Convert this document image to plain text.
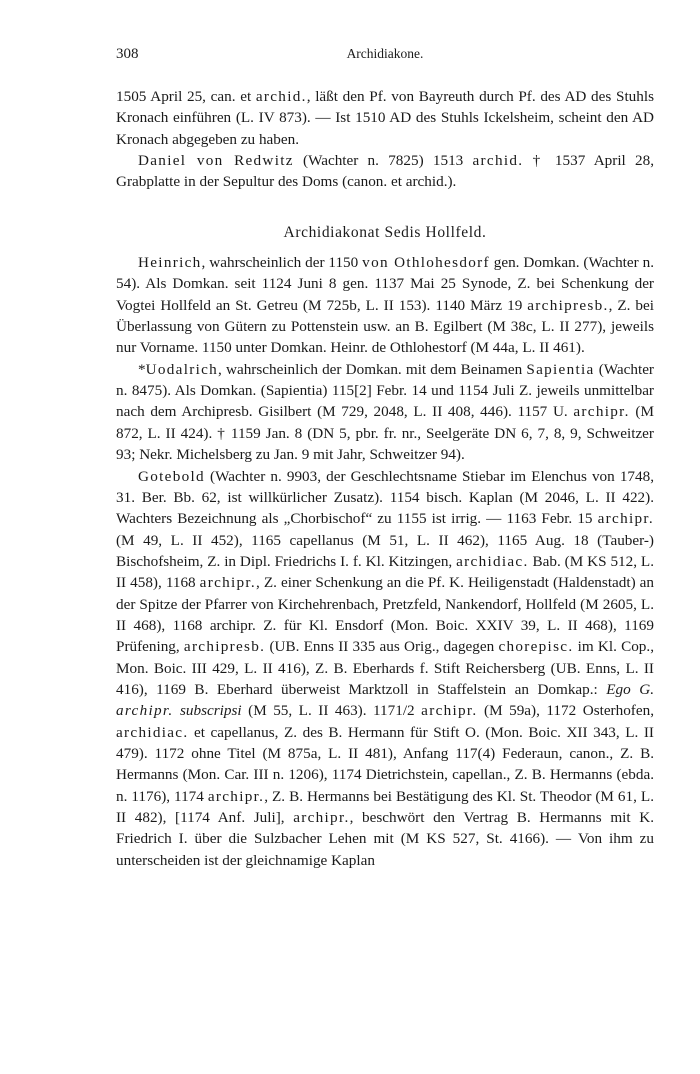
308	Archidiakone.

1505 April 25, can. et archid., läßt den Pf. von Bayreuth durch Pf. des AD des Stuhls Kronach einführen (L. IV 873). — Ist 1510 AD des Stuhls Ickelsheim, scheint den AD Kronach abgegeben zu haben.

Daniel von Redwitz (Wachter n. 7825) 1513 archid. † 1537 April 28, Grabplatte in der Sepultur des Doms (canon. et archid.).

Archidiakonat Sedis Hollfeld.

Heinrich, wahrscheinlich der 1150 von Othlohesdorf gen. Domkan. (Wachter n. 54). Als Domkan. seit 1124 Juni 8 gen. 1137 Mai 25 Synode, Z. bei Schenkung der Vogtei Hollfeld an St. Getreu (M 725b, L. II 153). 1140 März 19 archipresb., Z. bei Überlassung von Gütern zu Pottenstein usw. an B. Egilbert (M 38c, L. II 277), jeweils nur Vorname. 1150 unter Domkan. Heinr. de Othlohestorf (M 44a, L. II 461).

*Uodalrich, wahrscheinlich der Domkan. mit dem Beinamen Sapientia (Wachter n. 8475). Als Domkan. (Sapientia) 115[2] Febr. 14 und 1154 Juli Z. jeweils unmittelbar nach dem Archipresb. Gisilbert (M 729, 2048, L. II 408, 446). 1157 U. archipr. (M 872, L. II 424). † 1159 Jan. 8 (DN 5, pbr. fr. nr., Seelgeräte DN 6, 7, 8, 9, Schweitzer 93; Nekr. Michelsberg zu Jan. 9 mit Jahr, Schweitzer 94).

Gotebold (Wachter n. 9903, der Geschlechtsname Stiebar im Elenchus von 1748, 31. Ber. Bb. 62, ist willkürlicher Zusatz). 1154 bisch. Kaplan (M 2046, L. II 422). Wachters Bezeichnung als „Chorbischof“ zu 1155 ist irrig. — 1163 Febr. 15 archipr. (M 49, L. II 452), 1165 capellanus (M 51, L. II 462), 1165 Aug. 18 (Tauber-) Bischofsheim, Z. in Dipl. Friedrichs I. f. Kl. Kitzingen, archidiac. Bab. (M KS 512, L. II 458), 1168 archipr., Z. einer Schenkung an die Pf. K. Heiligenstadt (Haldenstadt) an der Spitze der Pfarrer von Kirchehrenbach, Pretzfeld, Nankendorf, Hollfeld (M 2605, L. II 468), 1168 archipr. Z. für Kl. Ensdorf (Mon. Boic. XXIV 39, L. II 468), 1169 Prüfening, archipresb. (UB. Enns II 335 aus Orig., dagegen chorepisc. im Kl. Cop., Mon. Boic. III 429, L. II 416), Z. B. Eberhards f. Stift Reichersberg (UB. Enns, L. II 416), 1169 B. Eberhard überweist Marktzoll in Staffelstein an Domkap.: Ego G. archipr. subscripsi (M 55, L. II 463). 1171/2 archipr. (M 59a), 1172 Osterhofen, archidiac. et capellanus, Z. des B. Hermann für Stift O. (Mon. Boic. XII 343, L. II 479). 1172 ohne Titel (M 875a, L. II 481), Anfang 117(4) Federaun, canon., Z. B. Hermanns (Mon. Car. III n. 1206), 1174 Dietrichstein, capellan., Z. B. Hermanns (ebda. n. 1176), 1174 archipr., Z. B. Hermanns bei Bestätigung des Kl. St. Theodor (M 61, L. II 482), [1174 Anf. Juli], archipr., beschwört den Vertrag B. Hermanns mit K. Friedrich I. über die Sulzbacher Lehen mit (M KS 527, St. 4166). — Von ihm zu unterscheiden ist der gleichnamige Kaplan
